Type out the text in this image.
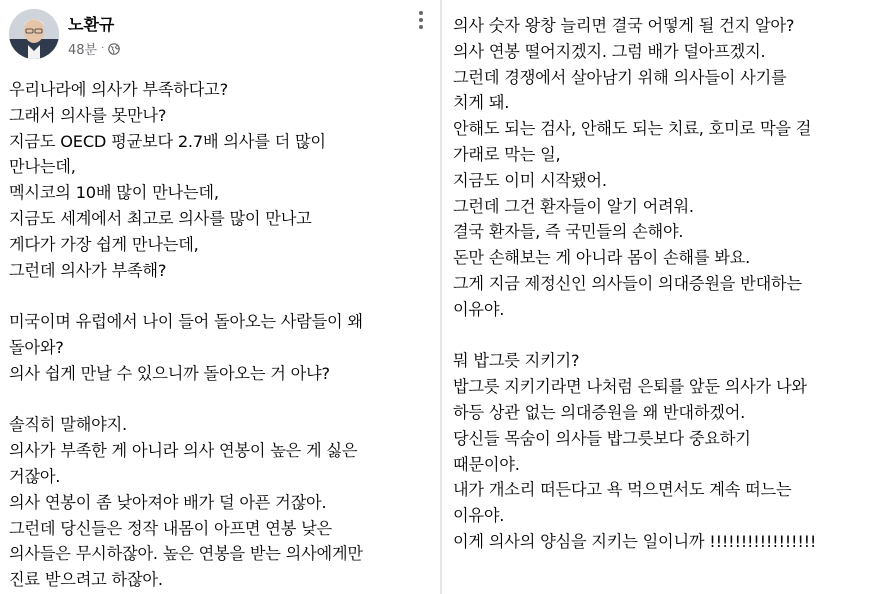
노환규
48분 ·
우리나라에 의사가 부족하다고?
그래서 의사를 못만나?
지금도 OECD 평균보다 2.7배 의사를 더 많이
만나는데,
멕시코의 10배 많이 만나는데,
지금도 세계에서 최고로 의사를 많이 만나고
게다가 가장 쉽게 만나는데,
그런데 의사가 부족해?
미국이며 유럽에서 나이 들어 돌아오는 사람들이 왜
돌아와?
의사 쉽게 만날 수 있으니까 돌아오는 거 아냐?
솔직히 말해야지.
의사가 부족한 게 아니라 의사 연봉이 높은 게 싫은
거잖아.
의사 연봉이 좀 낮아져야 배가 덜 아픈 거잖아.
그런데 당신들은 정작 내몸이 아프면 연봉 낮은
의사들은 무시하잖아. 높은 연봉을 받는 의사에게만
진료 받으려고 하잖아.
의사 숫자 왕창 늘리면 결국 어떻게 될 건지 알아?
의사 연봉 떨어지겠지. 그럼 배가 덜아프겠지.
그런데 경쟁에서 살아남기 위해 의사들이 사기를
치게 돼.
안해도 되는 검사, 안해도 되는 치료, 호미로 막을 걸
가래로 막는 일,
지금도 이미 시작됐어.
그런데 그건 환자들이 알기 어려워.
결국 환자들, 즉 국민들의 손해야.
돈만 손해보는 게 아니라 몸이 손해를 봐요.
그게 지금 제정신인 의사들이 의대증원을 반대하는
이유야.
뭐 밥그릇 지키기?
밥그릇 지키기라면 나처럼 은퇴를 앞둔 의사가 나와
하등 상관 없는 의대증원을 왜 반대하겠어.
당신들 목숨이 의사들 밥그릇보다 중요하기
때문이야.
내가 개소리 떠든다고 욕 먹으면서도 계속 떠느는
이유야.
이게 의사의 양심을 지키는 일이니까 !!!!!!!!!!!!!!!!!
